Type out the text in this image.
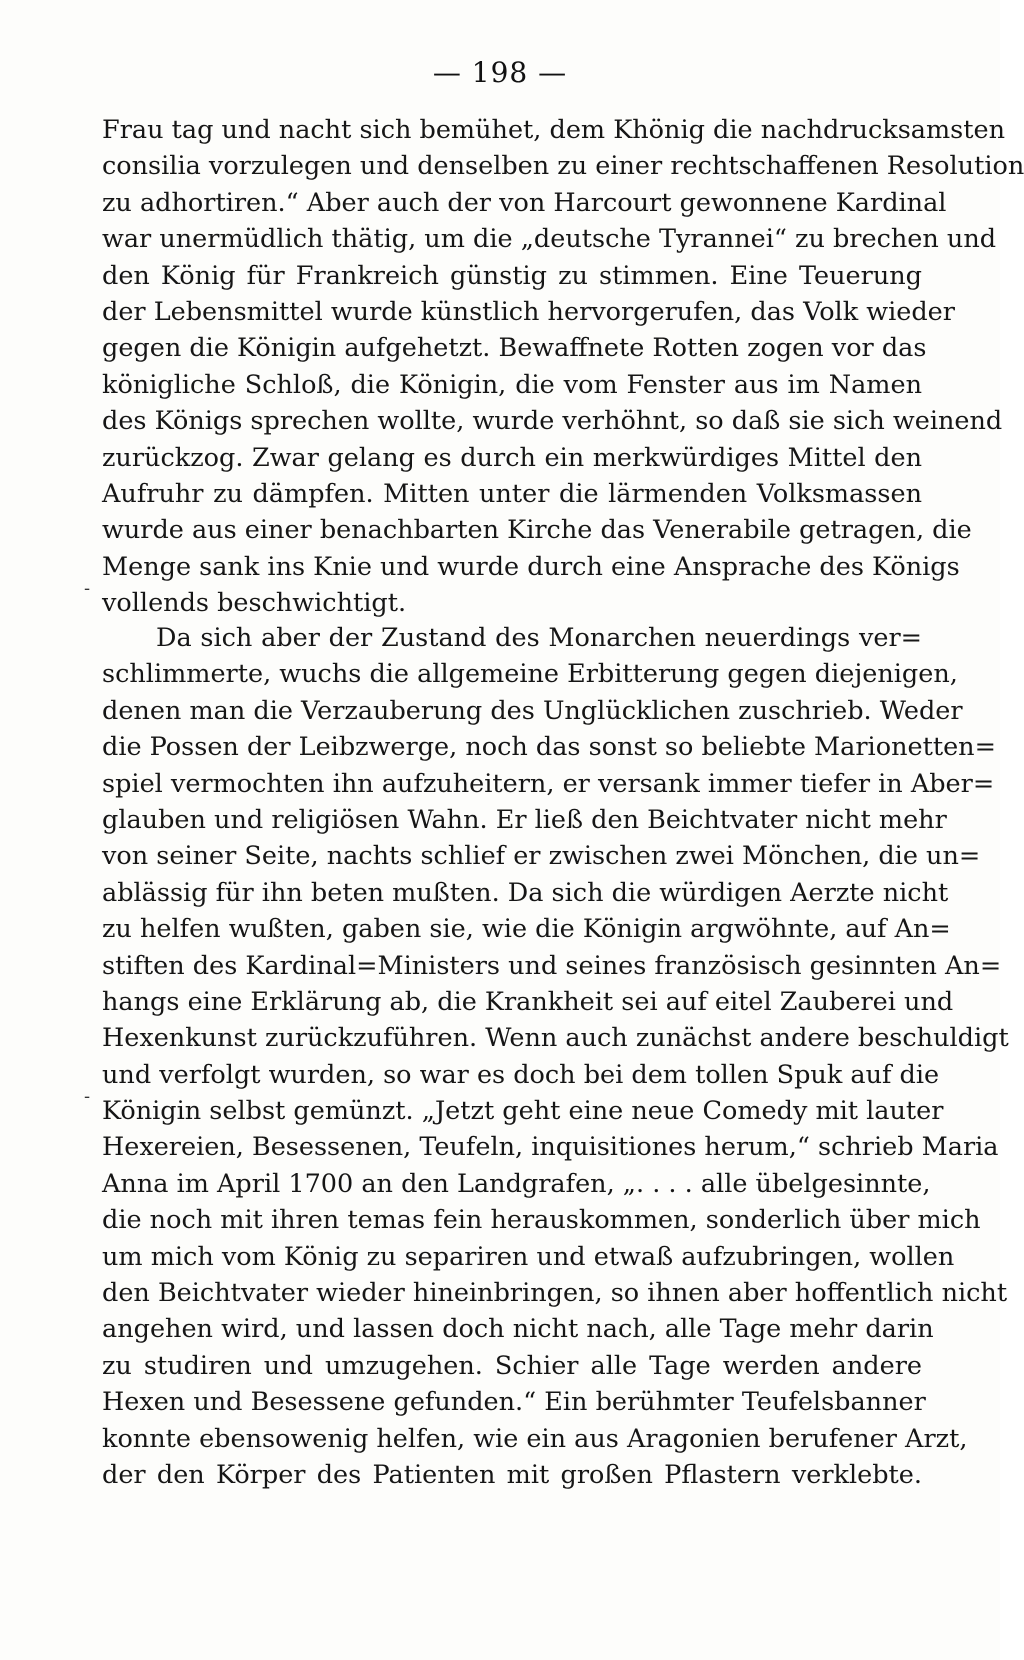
— 198 —
-
-
Frau tag und nacht sich bemühet, dem Khönig die nachdrucksamsten
consilia vorzulegen und denselben zu einer rechtschaffenen Resolution
zu adhortiren.“ Aber auch der von Harcourt gewonnene Kardinal
war unermüdlich thätig, um die „deutsche Tyrannei“ zu brechen und
den König für Frankreich günstig zu stimmen. Eine Teuerung
der Lebensmittel wurde künstlich hervorgerufen, das Volk wieder
gegen die Königin aufgehetzt. Bewaffnete Rotten zogen vor das
königliche Schloß, die Königin, die vom Fenster aus im Namen
des Königs sprechen wollte, wurde verhöhnt, so daß sie sich weinend
zurückzog. Zwar gelang es durch ein merkwürdiges Mittel den
Aufruhr zu dämpfen. Mitten unter die lärmenden Volksmassen
wurde aus einer benachbarten Kirche das Venerabile getragen, die
Menge sank ins Knie und wurde durch eine Ansprache des Königs
vollends beschwichtigt.
Da sich aber der Zustand des Monarchen neuerdings ver=
schlimmerte, wuchs die allgemeine Erbitterung gegen diejenigen,
denen man die Verzauberung des Unglücklichen zuschrieb. Weder
die Possen der Leibzwerge, noch das sonst so beliebte Marionetten=
spiel vermochten ihn aufzuheitern, er versank immer tiefer in Aber=
glauben und religiösen Wahn. Er ließ den Beichtvater nicht mehr
von seiner Seite, nachts schlief er zwischen zwei Mönchen, die un=
ablässig für ihn beten mußten. Da sich die würdigen Aerzte nicht
zu helfen wußten, gaben sie, wie die Königin argwöhnte, auf An=
stiften des Kardinal=Ministers und seines französisch gesinnten An=
hangs eine Erklärung ab, die Krankheit sei auf eitel Zauberei und
Hexenkunst zurückzuführen. Wenn auch zunächst andere beschuldigt
und verfolgt wurden, so war es doch bei dem tollen Spuk auf die
Königin selbst gemünzt. „Jetzt geht eine neue Comedy mit lauter
Hexereien, Besessenen, Teufeln, inquisitiones herum,“ schrieb Maria
Anna im April 1700 an den Landgrafen, „. . . . alle übelgesinnte,
die noch mit ihren temas fein herauskommen, sonderlich über mich
um mich vom König zu separiren und etwaß aufzubringen, wollen
den Beichtvater wieder hineinbringen, so ihnen aber hoffentlich nicht
angehen wird, und lassen doch nicht nach, alle Tage mehr darin
zu studiren und umzugehen. Schier alle Tage werden andere
Hexen und Besessene gefunden.“ Ein berühmter Teufelsbanner
konnte ebensowenig helfen, wie ein aus Aragonien berufener Arzt,
der den Körper des Patienten mit großen Pflastern verklebte.
